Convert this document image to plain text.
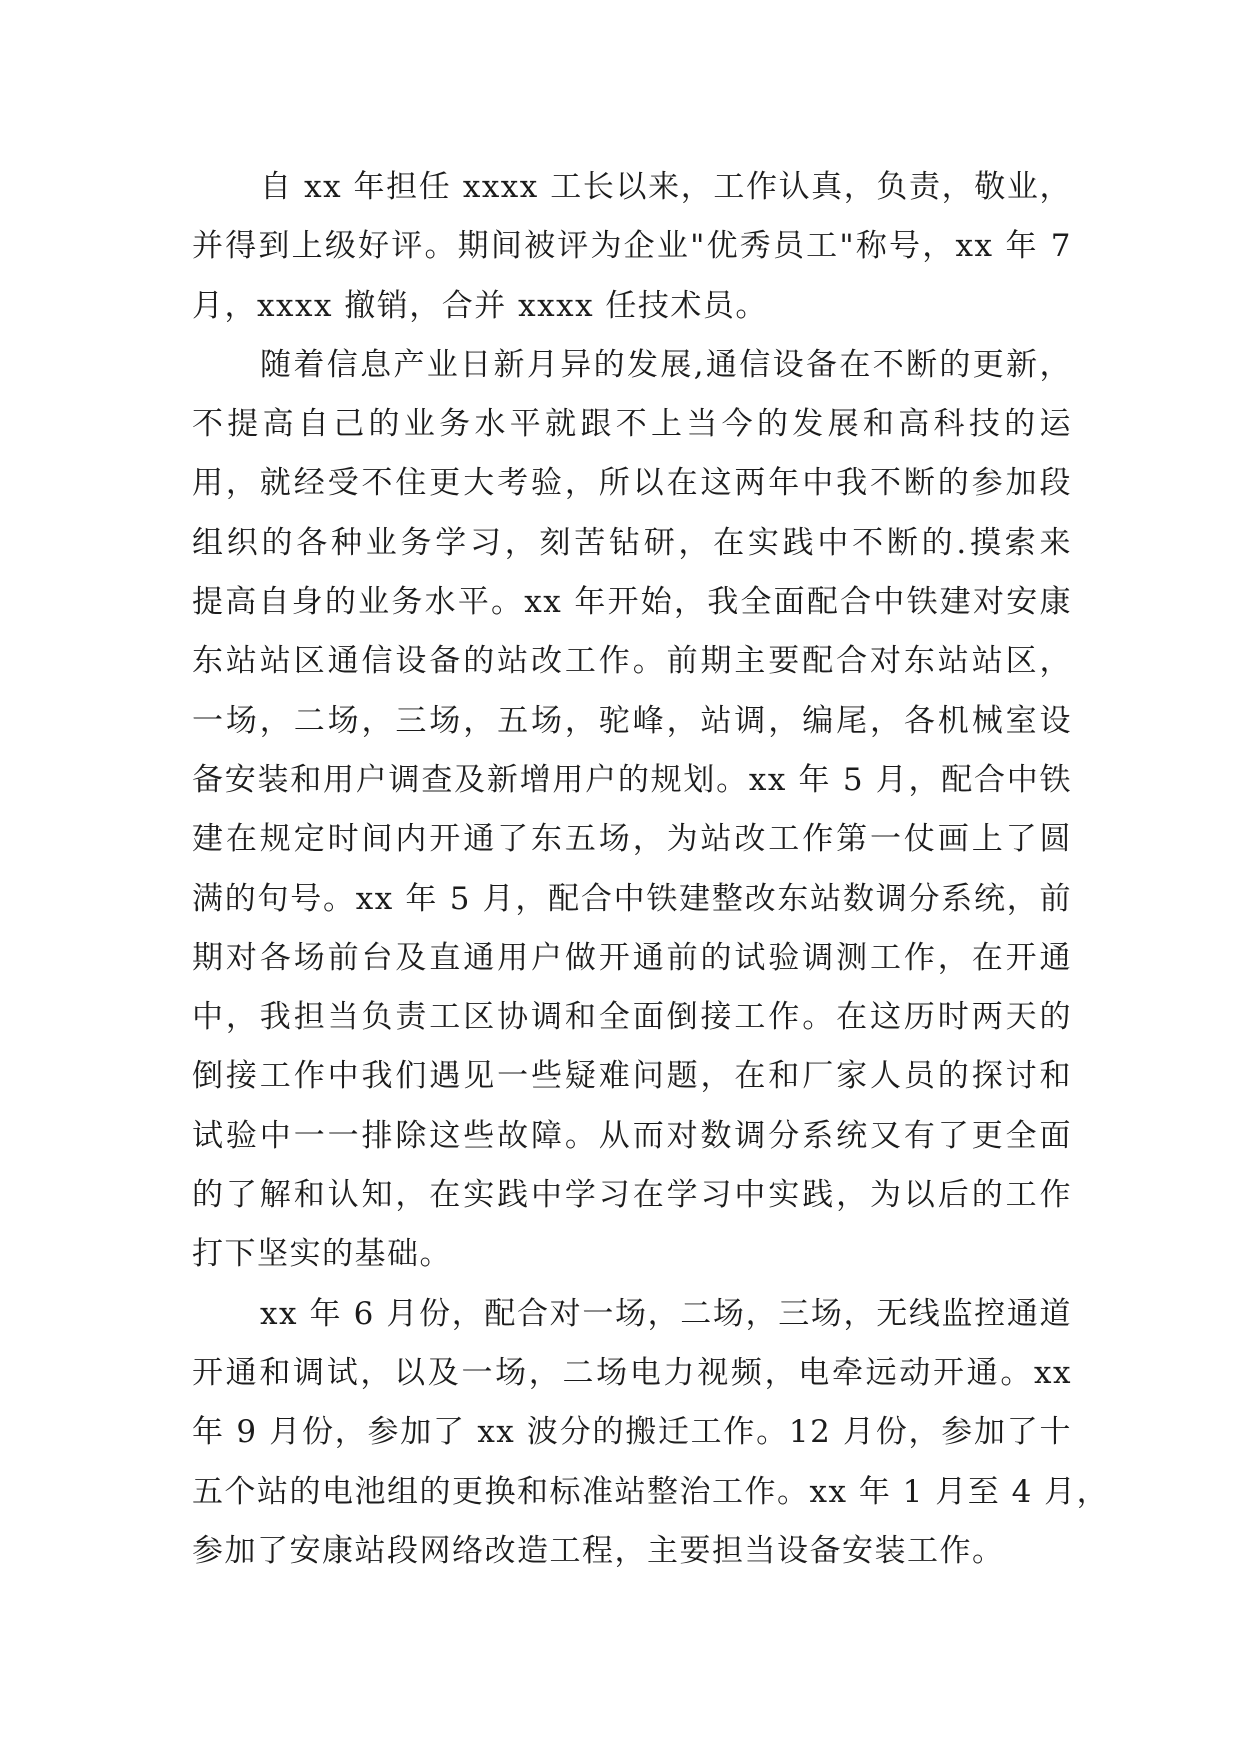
自 xx 年担任 xxxx 工长以来，工作认真，负责，敬业，
并得到上级好评。期间被评为企业"优秀员工"称号，xx 年 7
月，xxxx 撤销，合并 xxxx 任技术员。
随着信息产业日新月异的发展,通信设备在不断的更新，
不提高自己的业务水平就跟不上当今的发展和高科技的运
用，就经受不住更大考验，所以在这两年中我不断的参加段
组织的各种业务学习，刻苦钻研，在实践中不断的.摸索来
提高自身的业务水平。xx 年开始，我全面配合中铁建对安康
东站站区通信设备的站改工作。前期主要配合对东站站区，
一场，二场，三场，五场，驼峰，站调，编尾，各机械室设
备安装和用户调查及新增用户的规划。xx 年 5 月，配合中铁
建在规定时间内开通了东五场，为站改工作第一仗画上了圆
满的句号。xx 年 5 月，配合中铁建整改东站数调分系统，前
期对各场前台及直通用户做开通前的试验调测工作，在开通
中，我担当负责工区协调和全面倒接工作。在这历时两天的
倒接工作中我们遇见一些疑难问题，在和厂家人员的探讨和
试验中一一排除这些故障。从而对数调分系统又有了更全面
的了解和认知，在实践中学习在学习中实践，为以后的工作
打下坚实的基础。
xx 年 6 月份，配合对一场，二场，三场，无线监控通道
开通和调试，以及一场，二场电力视频，电牵远动开通。xx
年 9 月份，参加了 xx 波分的搬迁工作。12 月份，参加了十
五个站的电池组的更换和标准站整治工作。xx 年 1 月至 4 月，
参加了安康站段网络改造工程，主要担当设备安装工作。
